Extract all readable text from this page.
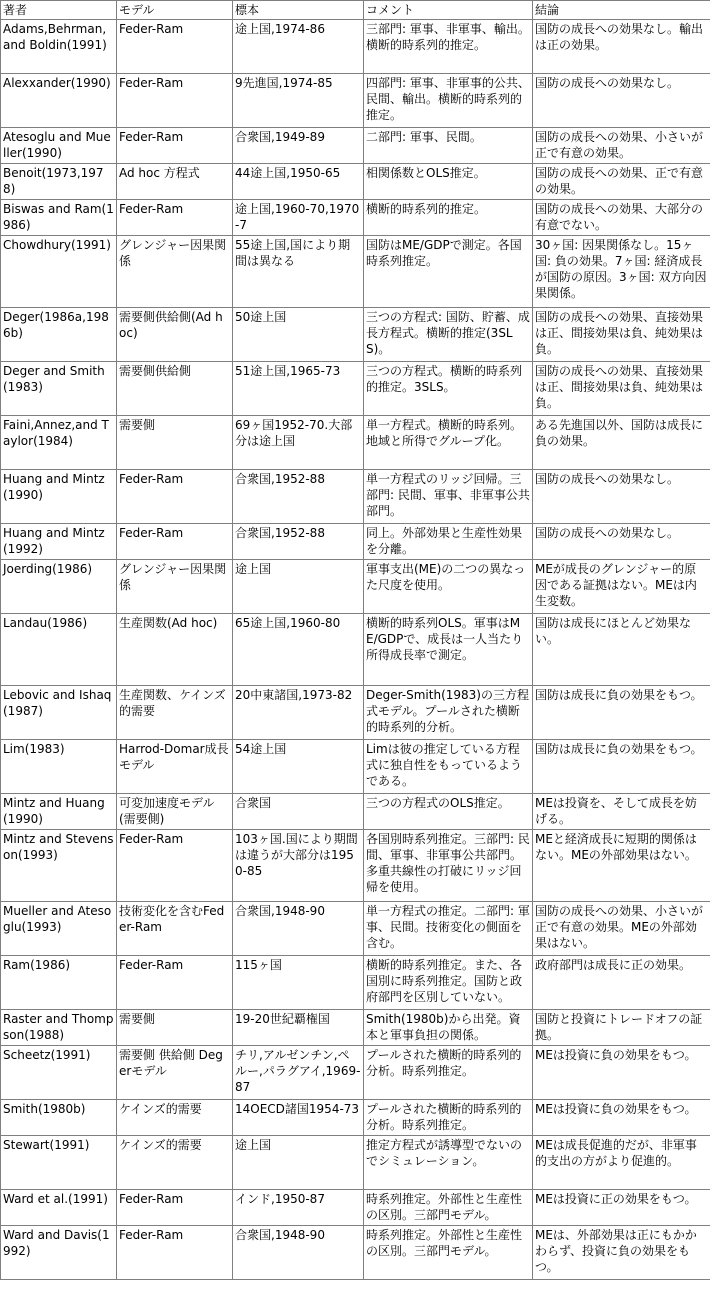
著者	モデル	標本	コメント	結論
Adams,Behrman, and Boldin(1991)	Feder-Ram	途上国,1974-86	三部門: 軍事、非軍事、輸出。横断的時系列的推定。	国防の成長への効果なし。輸出は正の効果。
Alexxander(1990)	Feder-Ram	9先進国,1974-85	四部門: 軍事、非軍事的公共、民間、輸出。横断的時系列的推定。	国防の成長への効果なし。
Atesoglu and Mueller(1990)	Feder-Ram	合衆国,1949-89	二部門: 軍事、民間。	国防の成長への効果、小さいが正で有意の効果。
Benoit(1973,1978)	Ad hoc 方程式	44途上国,1950-65	相関係数とOLS推定。	国防の成長への効果、正で有意の効果。
Biswas and Ram(1986)	Feder-Ram	途上国,1960-70,1970-7	横断的時系列的推定。	国防の成長への効果、大部分の有意でない。
Chowdhury(1991)	グレンジャー因果関係	55途上国,国により期間は異なる	国防はME/GDPで測定。各国時系列推定。	30ヶ国: 因果関係なし。15ヶ国: 負の効果。7ヶ国: 経済成長が国防の原因。3ヶ国: 双方向因果関係。
Deger(1986a,1986b)	需要側供給側(Ad hoc)	50途上国	三つの方程式: 国防、貯蓄、成長方程式。横断的推定(3SLS)。	国防の成長への効果、直接効果は正、間接効果は負、純効果は負。
Deger and Smith(1983)	需要側供給側	51途上国,1965-73	三つの方程式。横断的時系列的推定。3SLS。	国防の成長への効果、直接効果は正、間接効果は負、純効果は負。
Faini,Annez,and Taylor(1984)	需要側	69ヶ国1952-70.大部分は途上国	単一方程式。横断的時系列。地域と所得でグループ化。	ある先進国以外、国防は成長に負の効果。
Huang and Mintz(1990)	Feder-Ram	合衆国,1952-88	単一方程式のリッジ回帰。三部門: 民間、軍事、非軍事公共部門。	国防の成長への効果なし。
Huang and Mintz(1992)	Feder-Ram	合衆国,1952-88	同上。外部効果と生産性効果を分離。	国防の成長への効果なし。
Joerding(1986)	グレンジャー因果関係	途上国	軍事支出(ME)の二つの異なった尺度を使用。	MEが成長のグレンジャー的原因である証拠はない。MEは内生変数。
Landau(1986)	生産関数(Ad hoc)	65途上国,1960-80	横断的時系列OLS。軍事はME/GDPで、成長は一人当たり所得成長率で測定。	国防は成長にほとんど効果ない。
Lebovic and Ishaq(1987)	生産関数、ケインズ的需要	20中東諸国,1973-82	Deger-Smith(1983)の三方程式モデル。プールされた横断的時系列的分析。	国防は成長に負の効果をもつ。
Lim(1983)	Harrod-Domar成長モデル	54途上国	Limは彼の推定している方程式に独自性をもっているようである。	国防は成長に負の効果をもつ。
Mintz and Huang(1990)	可変加速度モデル(需要側)	合衆国	三つの方程式のOLS推定。	MEは投資を、そして成長を妨げる。
Mintz and Stevenson(1993)	Feder-Ram	103ヶ国.国により期間は違うが大部分は1950-85	各国別時系列推定。三部門: 民間、軍事、非軍事公共部門。多重共線性の打破にリッジ回帰を使用。	MEと経済成長に短期的関係はない。MEの外部効果はない。
Mueller and Atesoglu(1993)	技術変化を含むFeder-Ram	合衆国,1948-90	単一方程式の推定。二部門: 軍事、民間。技術変化の側面を含む。	国防の成長への効果、小さいが正で有意の効果。MEの外部効果はない。
Ram(1986)	Feder-Ram	115ヶ国	横断的時系列推定。また、各国別に時系列推定。国防と政府部門を区別していない。	政府部門は成長に正の効果。
Raster and Thompson(1988)	需要側	19-20世紀覇権国	Smith(1980b)から出発。資本と軍事負担の関係。	国防と投資にトレードオフの証拠。
Scheetz(1991)	需要側 供給側 Degerモデル	チリ,アルゼンチン,ペルー,パラグアイ,1969-87	プールされた横断的時系列的分析。時系列推定。	MEは投資に負の効果をもつ。
Smith(1980b)	ケインズ的需要	14OECD諸国1954-73	プールされた横断的時系列的分析。時系列推定。	MEは投資に負の効果をもつ。
Stewart(1991)	ケインズ的需要	途上国	推定方程式が誘導型でないのでシミュレーション。	MEは成長促進的だが、非軍事的支出の方がより促進的。
Ward et al.(1991)	Feder-Ram	インド,1950-87	時系列推定。外部性と生産性の区別。三部門モデル。	MEは投資に正の効果をもつ。
Ward and Davis(1992)	Feder-Ram	合衆国,1948-90	時系列推定。外部性と生産性の区別。三部門モデル。	MEは、外部効果は正にもかかわらず、投資に負の効果をもつ。
